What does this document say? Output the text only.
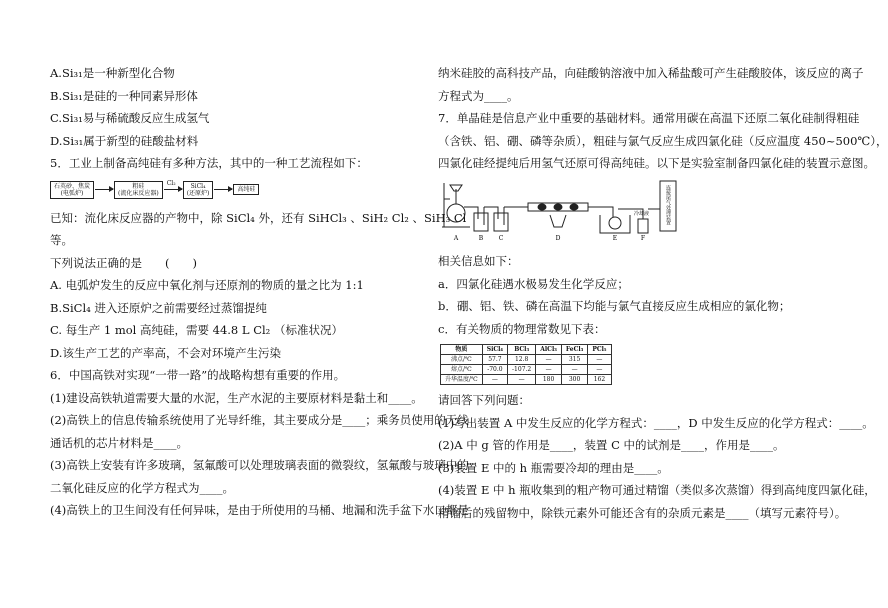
A.Si₃₁是一种新型化合物
B.Si₃₁是硅的一种同素异形体
C.Si₃₁易与稀硫酸反应生成氢气
D.Si₃₁属于新型的硅酸盐材料
5．工业上制备高纯硅有多种方法，其中的一种工艺流程如下：
石英砂、焦炭
(电弧炉)
粗硅
(流化床反应器)
Cl₂	SiCl₄
(还原炉)	高纯硅
已知：流化床反应器的产物中，除 SiCl₄ 外，还有 SiHCl₃ 、SiH₂ Cl₂ 、SiH₃ Cl
等。
下列说法正确的是　　(　　)
A. 电弧炉发生的反应中氧化剂与还原剂的物质的量之比为 1:1
B.SiCl₄ 进入还原炉之前需要经过蒸馏提纯
C. 每生产 1 mol 高纯硅，需要 44.8 L Cl₂ （标准状况）
D.该生产工艺的产率高，不会对环境产生污染
6．中国高铁对实现“一带一路”的战略构想有重要的作用。
(1)建设高铁轨道需要大量的水泥，生产水泥的主要原材料是黏土和____。
(2)高铁上的信息传输系统使用了光导纤维，其主要成分是____；乘务员使用的无线
通话机的芯片材料是____。
(3)高铁上安装有许多玻璃，氢氟酸可以处理玻璃表面的微裂纹，氢氟酸与玻璃中的
二氧化硅反应的化学方程式为____。
(4)高铁上的卫生间没有任何异味，是由于所使用的马桶、地漏和洗手盆下水口都是
纳米硅胶的高科技产品，向硅酸钠溶液中加入稀盐酸可产生硅酸胶体，该反应的离子
方程式为____。
7．单晶硅是信息产业中重要的基础材料。通常用碳在高温下还原二氧化硅制得粗硅
（含铁、铝、硼、磷等杂质），粗硅与氯气反应生成四氯化硅（反应温度 450~500℃），
四氯化硅经提纯后用氢气还原可得高纯硅。以下是实验室制备四氯化硅的装置示意图。
A	B	C	D	E	F
连接尾气处理装置
冷却液
相关信息如下：
a．四氯化硅遇水极易发生化学反应；
b．硼、铝、铁、磷在高温下均能与氯气直接反应生成相应的氯化物；
c．有关物质的物理常数见下表：
物质	SiCl₄	BCl₃	AlCl₃	FeCl₃	PCl₅
沸点/℃	57.7	12.8	—	315	—
熔点/℃	-70.0	-107.2	—	—	—
升华温度/℃	—	—	180	300	162
请回答下列问题：
(1)写出装置 A 中发生反应的化学方程式：____，D 中发生反应的化学方程式：____。
(2)A 中 g 管的作用是____，装置 C 中的试剂是____，作用是____。
(3)装置 E 中的 h 瓶需要冷却的理由是____。
(4)装置 E 中 h 瓶收集到的粗产物可通过精馏（类似多次蒸馏）得到高纯度四氯化硅，
精馏后的残留物中，除铁元素外可能还含有的杂质元素是____（填写元素符号）。
